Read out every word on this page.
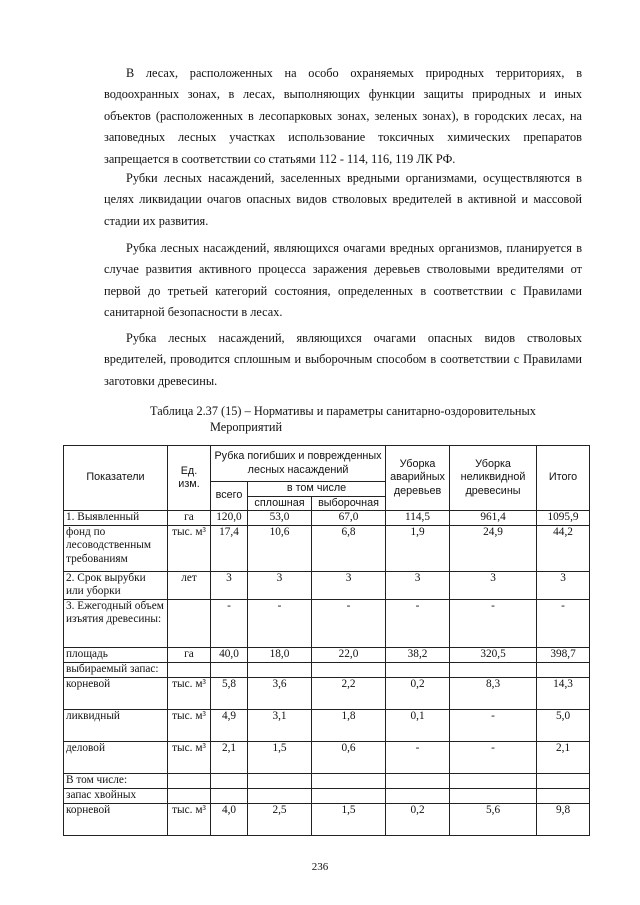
В лесах, расположенных на особо охраняемых природных территориях, в водоохранных зонах, в лесах, выполняющих функции защиты природных и иных объектов (расположенных в лесопарковых зонах, зеленых зонах), в городских лесах, на заповедных лесных участках использование токсичных химических препаратов запрещается в соответствии со статьями 112 - 114, 116, 119 ЛК РФ.

Рубки лесных насаждений, заселенных вредными организмами, осуществляются в целях ликвидации очагов опасных видов стволовых вредителей в активной и массовой стадии их развития.

Рубка лесных насаждений, являющихся очагами вредных организмов, планируется в случае развития активного процесса заражения деревьев стволовыми вредителями от первой до третьей категорий состояния, определенных в соответствии с Правилами санитарной безопасности в лесах.

Рубка лесных насаждений, являющихся очагами опасных видов стволовых вредителей, проводится сплошным и выборочным способом в соответствии с Правилами заготовки древесины.

Таблица 2.37 (15) – Нормативы и параметры санитарно-оздоровительных
Мероприятий
Показатели	Ед. изм.	Рубка погибших и поврежденных лесных насаждений			Уборка аварийных деревьев	Уборка неликвидной древесины	Итого
		всего	в том числе				
			сплошная	выборочная			
1. Выявленный	га	120,0	53,0	67,0	114,5	961,4	1095,9
фонд по лесоводственным требованиям	тыс. м³	17,4	10,6	6,8	1,9	24,9	44,2
2. Срок вырубки или уборки	лет	3	3	3	3	3	3
3. Ежегодный объем изъятия древесины:		-	-	-	-	-	-
площадь	га	40,0	18,0	22,0	38,2	320,5	398,7
выбираемый запас:							
корневой	тыс. м³	5,8	3,6	2,2	0,2	8,3	14,3
ликвидный	тыс. м³	4,9	3,1	1,8	0,1	-	5,0
деловой	тыс. м³	2,1	1,5	0,6	-	-	2,1
В том числе:							
запас хвойных							
корневой	тыс. м³	4,0	2,5	1,5	0,2	5,6	9,8
236
